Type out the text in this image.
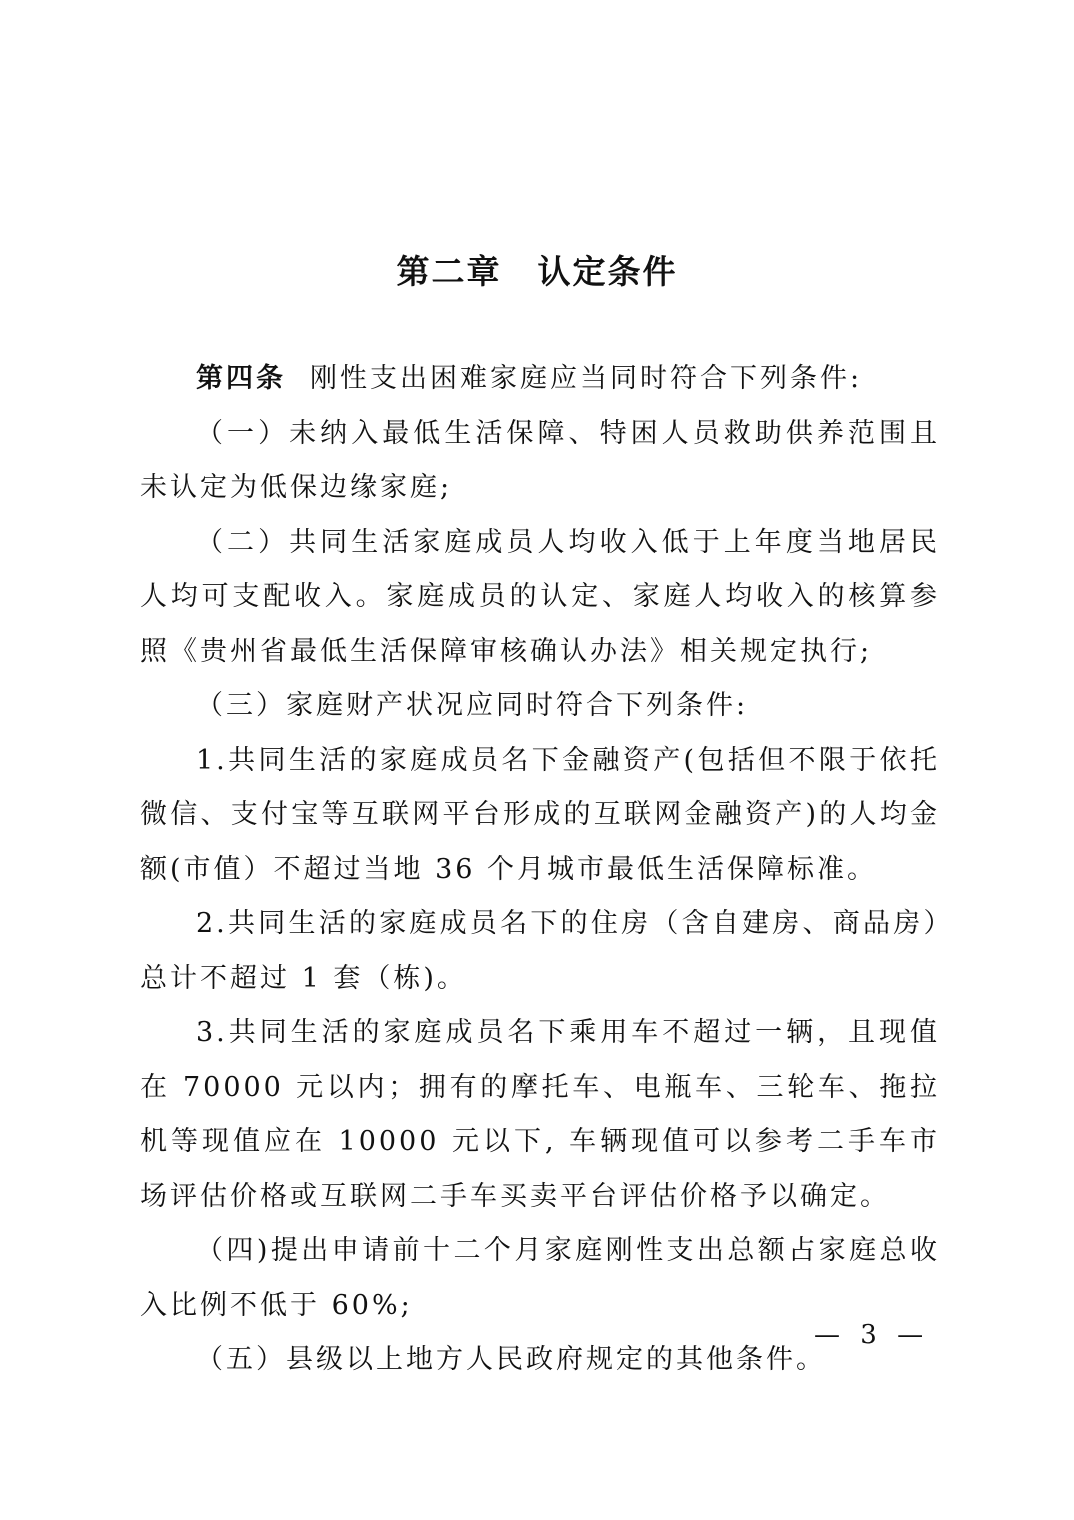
第二章 认定条件

第四条 刚性支出困难家庭应当同时符合下列条件:

（一）未纳入最低生活保障、特困人员救助供养范围且未认定为低保边缘家庭;

（二）共同生活家庭成员人均收入低于上年度当地居民人均可支配收入。家庭成员的认定、家庭人均收入的核算参照《贵州省最低生活保障审核确认办法》相关规定执行;

（三）家庭财产状况应同时符合下列条件:

1.共同生活的家庭成员名下金融资产(包括但不限于依托微信、支付宝等互联网平台形成的互联网金融资产)的人均金额(市值）不超过当地 36 个月城市最低生活保障标准。

2.共同生活的家庭成员名下的住房（含自建房、商品房）总计不超过 1 套（栋)。

3.共同生活的家庭成员名下乘用车不超过一辆，且现值在 70000 元以内；拥有的摩托车、电瓶车、三轮车、拖拉机等现值应在 10000 元以下, 车辆现值可以参考二手车市场评估价格或互联网二手车买卖平台评估价格予以确定。

（四)提出申请前十二个月家庭刚性支出总额占家庭总收入比例不低于 60%;

（五）县级以上地方人民政府规定的其他条件。

— 3 —
